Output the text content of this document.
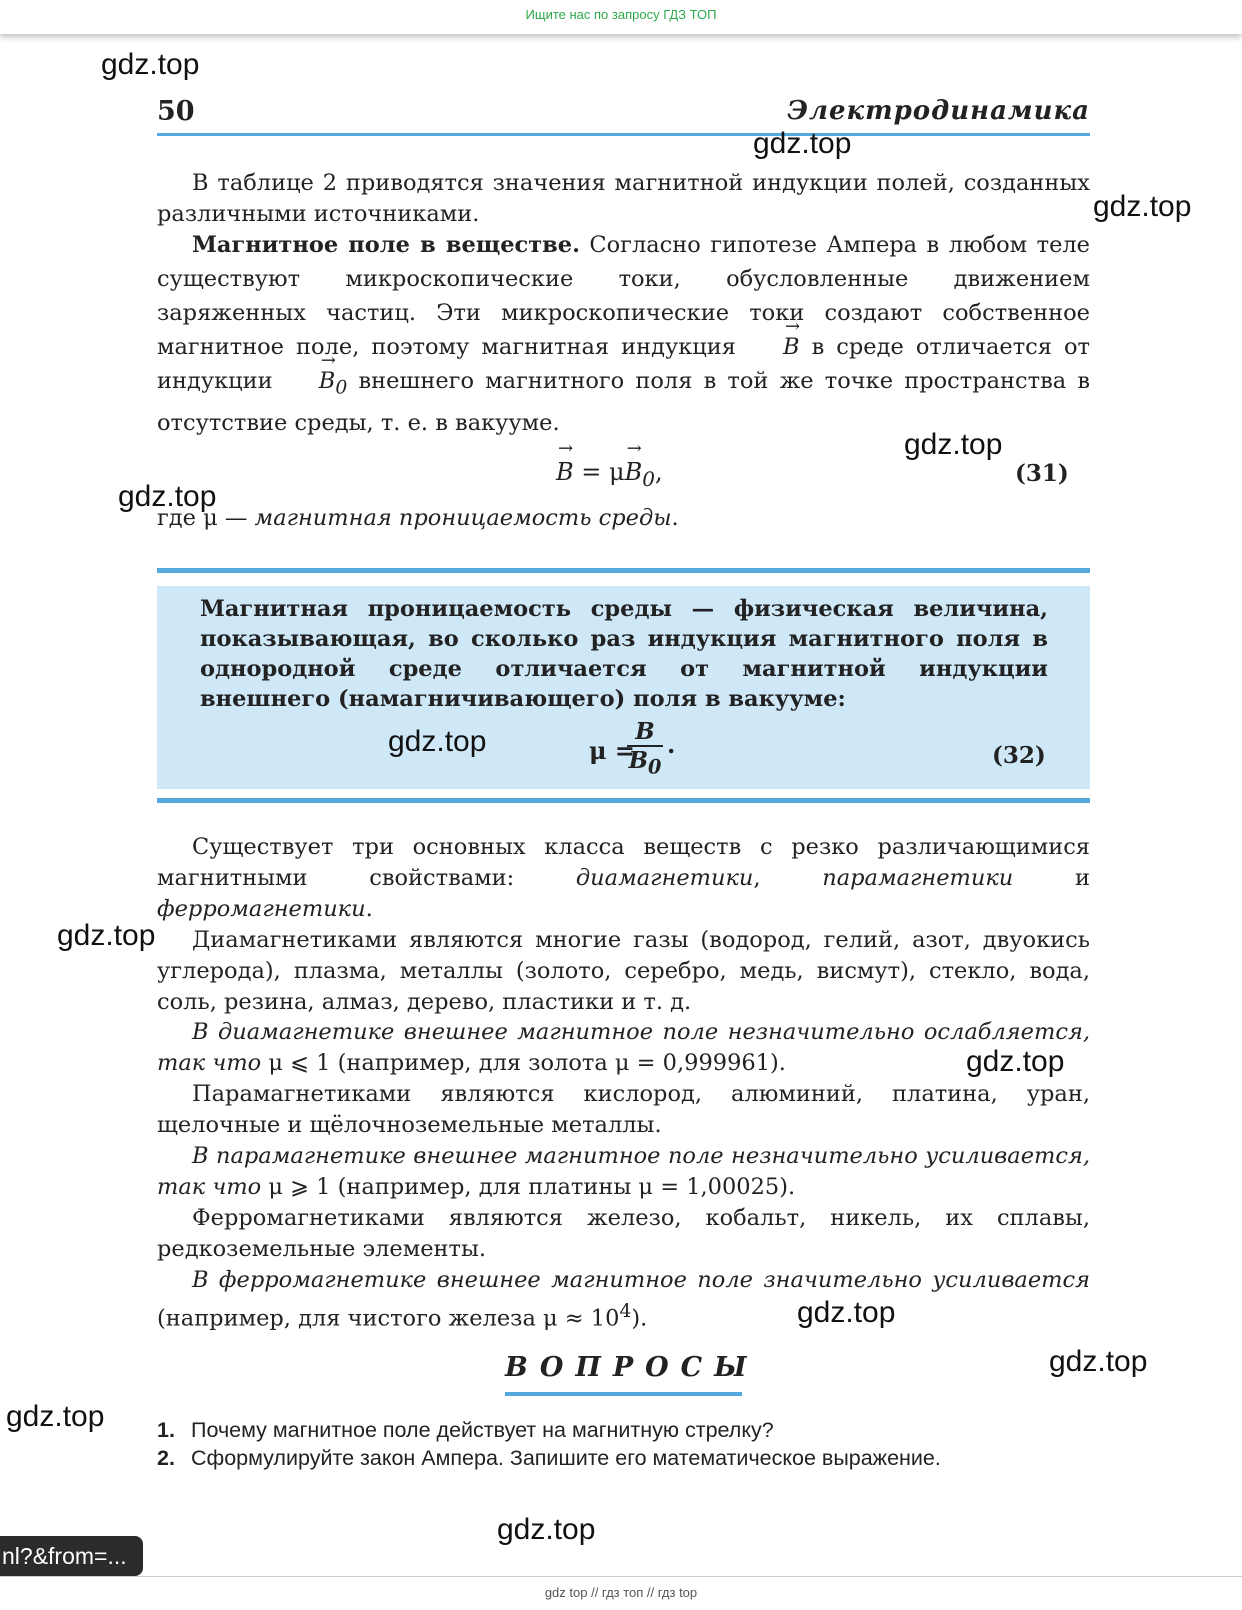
Ищите нас по запросу ГДЗ ТОП
50	Электродинамика

В таблице 2 приводятся значения магнитной индукции полей, созданных различными источниками.

Магнитное поле в веществе. Согласно гипотезе Ампера в любом теле существуют микроскопические токи, обусловленные движением заряженных частиц. Эти микроскопические токи создают собственное магнитное поле, поэтому магнитная индукция → B в среде отличается от индукции → $B_0$ внешнего магнитного поля в той же точке пространства в отсутствие среды, т. е. в вакууме.

→ $B = \mu\to B_0$,	(31)

где μ — магнитная проницаемость среды.

Магнитная проницаемость среды — физическая величина, показывающая, во сколько раз индукция магнитного поля в однородной среде отличается от магнитной индукции внешнего (намагничивающего) поля в вакууме:

μ =
B
$B_0$
.	(32)

Существует три основных класса веществ с резко различающимися магнитными свойствами: диамагнетики, парамагнетики и ферромагнетики.

Диамагнетиками являются многие газы (водород, гелий, азот, двуокись углерода), плазма, металлы (золото, серебро, медь, висмут), стекло, вода, соль, резина, алмаз, дерево, пластики и т. д.

В диамагнетике внешнее магнитное поле незначительно ослабляется, так что μ ⩽ 1 (например, для золота μ = 0,999961).

Парамагнетиками являются кислород, алюминий, платина, уран, щелочные и щёлочноземельные металлы.

В парамагнетике внешнее магнитное поле незначительно усиливается, так что μ ⩾ 1 (например, для платины μ = 1,00025).

Ферромагнетиками являются железо, кобальт, никель, их сплавы, редкоземельные элементы.

В ферромагнетике внешнее магнитное поле значительно усиливается (например, для чистого железа $\mu \approx 10^4$).

ВОПРОСЫ
1. Почему магнитное поле действует на магнитную стрелку?
2. Сформулируйте закон Ампера. Запишите его математическое выражение.
gdz.top
gdz.top
gdz.top
gdz.top
gdz.top
gdz.top
gdz.top
gdz.top
gdz.top
gdz.top
gdz.top
gdz.top
nl?&from=...
gdz top // гдз топ // гдз top
